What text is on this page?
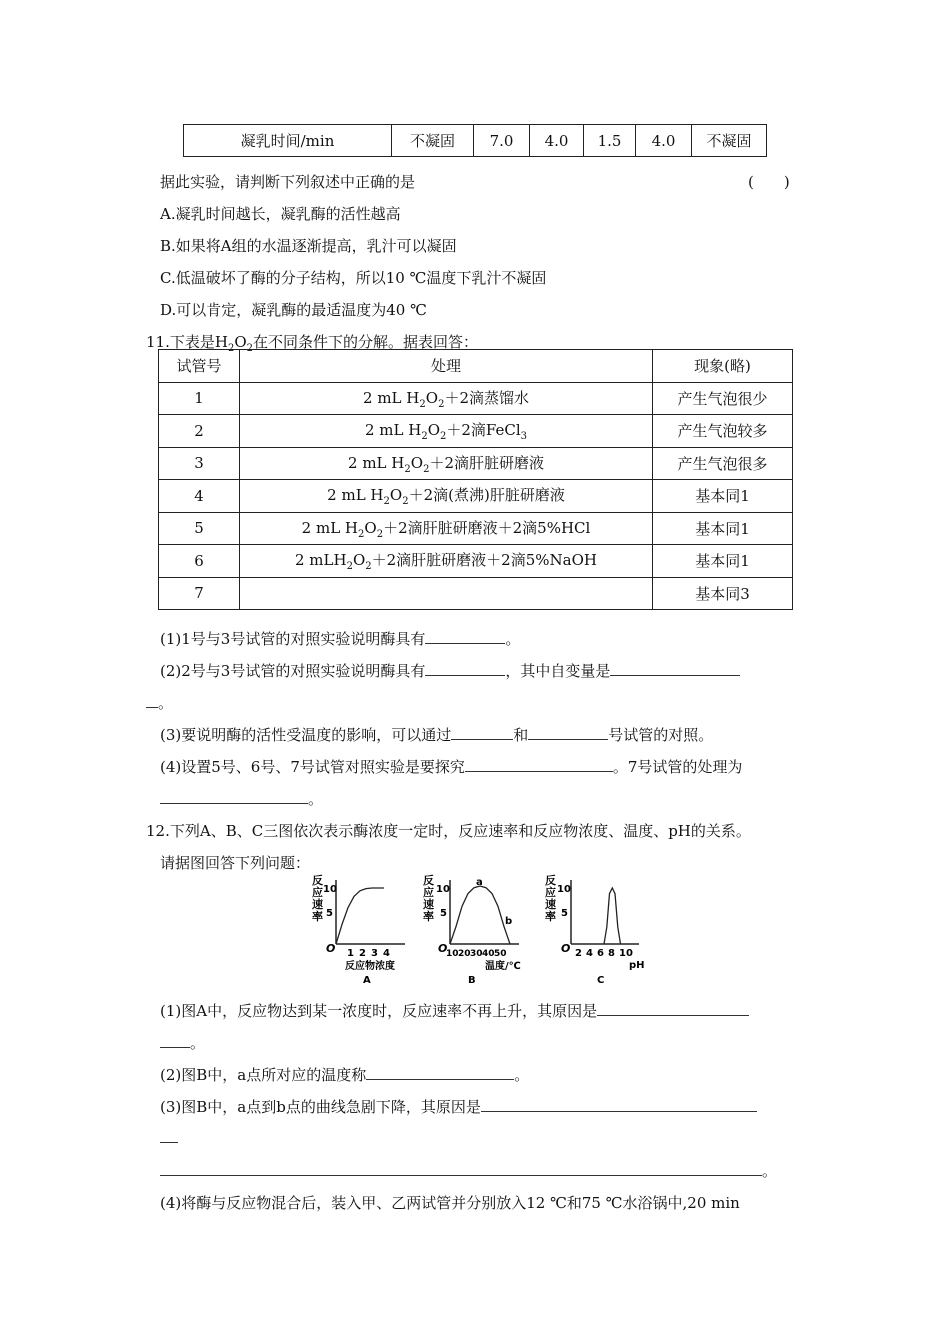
凝乳时间/min	不凝固	7.0	4.0	1.5	4.0	不凝固
据此实验，请判断下列叙述中正确的是	(　　)
A.凝乳时间越长，凝乳酶的活性越高
B.如果将A组的水温逐渐提高，乳汁可以凝固
C.低温破坏了酶的分子结构，所以10 ℃温度下乳汁不凝固
D.可以肯定，凝乳酶的最适温度为40 ℃
11.下表是$H_2O_2$在不同条件下的分解。据表回答：
试管号	处理	现象(略)
1	2 mL $H_2O_2+2$滴蒸馏水	产生气泡很少
2	2 mL $H_2O_2+2$滴FeCl$_3$	产生气泡较多
3	2 mL $H_2O_2+2$滴肝脏研磨液	产生气泡很多
4	2 mL $H_2O_2+2$滴(煮沸)肝脏研磨液	基本同1
5	2 mL $H_2O_2+2$滴肝脏研磨液＋2滴5%HCl	基本同1
6	2 $mLH_2O_2+2$滴肝脏研磨液＋2滴5%NaOH	基本同1
7		基本同3
(1)1号与3号试管的对照实验说明酶具有	。
(2)2号与3号试管的对照实验说明酶具有	，其中自变量是
。
(3)要说明酶的活性受温度的影响，可以通过	和	号试管的对照。
(4)设置5号、6号、7号试管对照实验是要探究	。7号试管的处理为
。
12.下列A、B、C三图依次表示酶浓度一定时，反应速率和反应物浓度、温度、pH的关系。
请据图回答下列问题：
反
应
速
率
O
10
5
1 2 3 4
反应物浓度
A
反
应
速
率
O
10
5
10 20 30 40 50
温度/℃
B
a
b
反
应
速
率
O
10
5
2 4 6 8 10
pH
C
(1)图A中，反应物达到某一浓度时，反应速率不再上升，其原因是
。
(2)图B中，a点所对应的温度称	。
(3)图B中，a点到b点的曲线急剧下降，其原因是
。
(4)将酶与反应物混合后，装入甲、乙两试管并分别放入12 ℃和75 ℃水浴锅中,20 min
